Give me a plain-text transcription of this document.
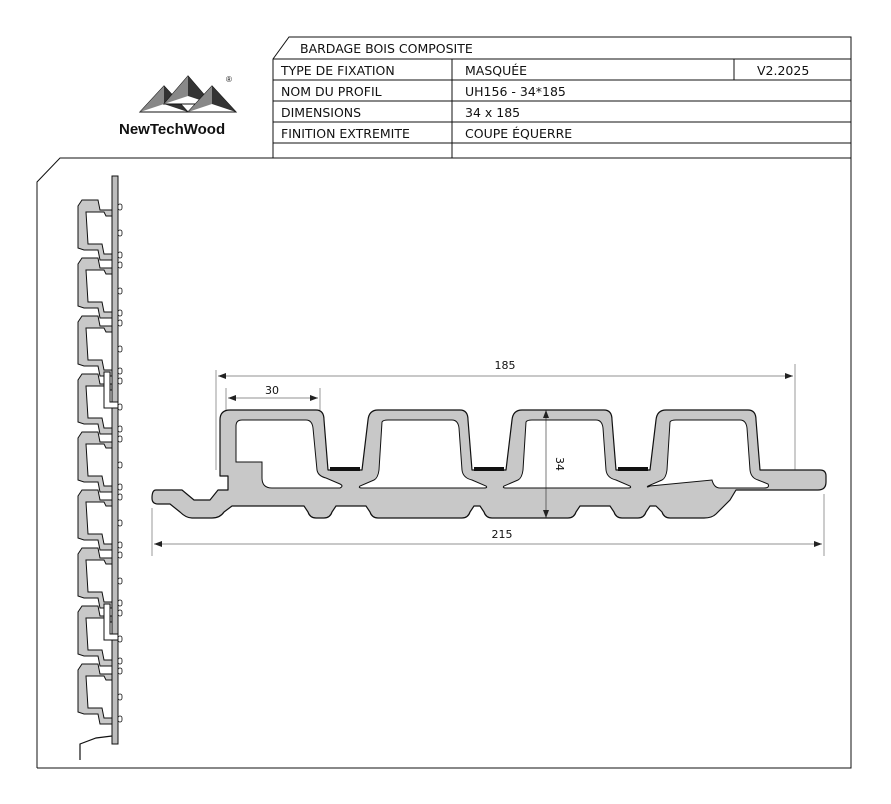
®
NewTechWood
BARDAGE BOIS COMPOSITE
TYPE DE FIXATION	MASQUÉE	V2.2025
NOM DU PROFIL	UH156 - 34*185
DIMENSIONS	34 x 185
FINITION EXTREMITE	COUPE ÉQUERRE
185
30
34
215
